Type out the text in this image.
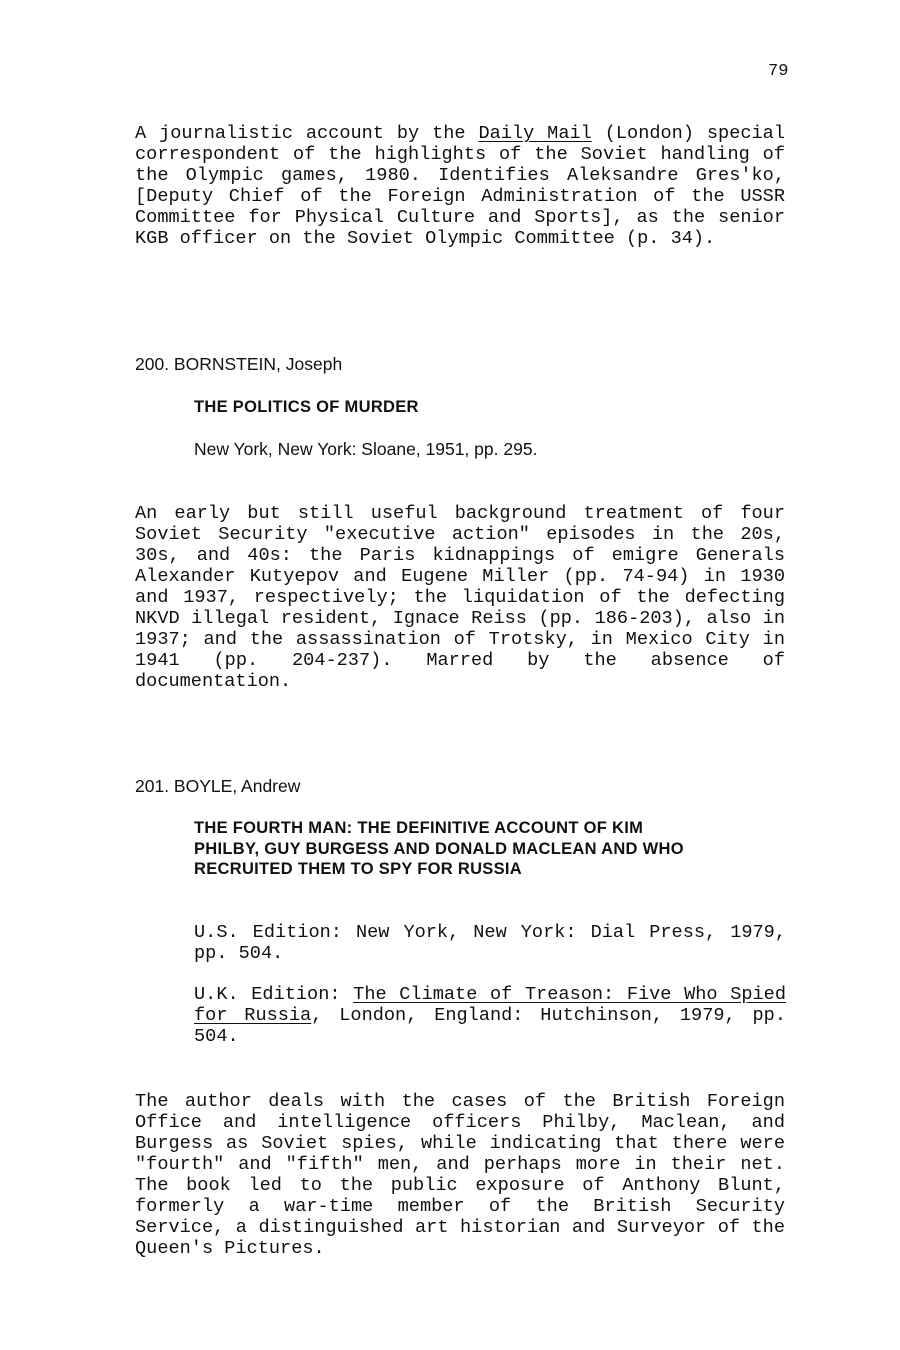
79

A journalistic account by the Daily Mail (London) special correspondent of the highlights of the Soviet handling of the Olympic games, 1980. Identifies Aleksandre Gres'ko, [Deputy Chief of the Foreign Administration of the USSR Committee for Physical Culture and Sports], as the senior KGB officer on the Soviet Olympic Committee (p. 34).

200. BORNSTEIN, Joseph
THE POLITICS OF MURDER
New York, New York: Sloane, 1951, pp. 295.

An early but still useful background treatment of four Soviet Security "executive action" episodes in the 20s, 30s, and 40s: the Paris kidnappings of emigre Generals Alexander Kutyepov and Eugene Miller (pp. 74-94) in 1930 and 1937, respectively; the liquidation of the defecting NKVD illegal resident, Ignace Reiss (pp. 186-203), also in 1937; and the assassination of Trotsky, in Mexico City in 1941 (pp. 204-237). Marred by the absence of documentation.

201. BOYLE, Andrew
THE FOURTH MAN: THE DEFINITIVE ACCOUNT OF KIM
PHILBY, GUY BURGESS AND DONALD MACLEAN AND WHO
RECRUITED THEM TO SPY FOR RUSSIA

U.S. Edition: New York, New York: Dial Press, 1979, pp. 504.

U.K. Edition: The Climate of Treason: Five Who Spied for Russia, London, England: Hutchinson, 1979, pp. 504.

The author deals with the cases of the British Foreign Office and intelligence officers Philby, Maclean, and Burgess as Soviet spies, while indicating that there were "fourth" and "fifth" men, and perhaps more in their net. The book led to the public exposure of Anthony Blunt, formerly a war-time member of the British Security Service, a distinguished art historian and Surveyor of the Queen's Pictures.
